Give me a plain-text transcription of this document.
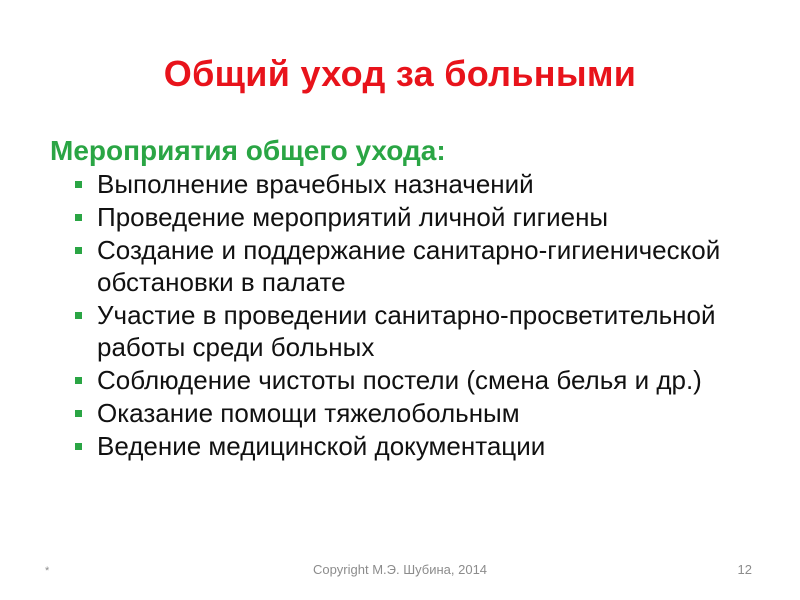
Общий уход за больными
Мероприятия общего ухода:
Выполнение врачебных назначений
Проведение мероприятий личной гигиены
Создание и поддержание санитарно-гигиенической обстановки в палате
Участие в проведении санитарно-просветительной работы среди больных
Соблюдение чистоты постели (смена белья и др.)
Оказание помощи тяжелобольным
Ведение медицинской документации
*	Copyright М.Э. Шубина, 2014	12
